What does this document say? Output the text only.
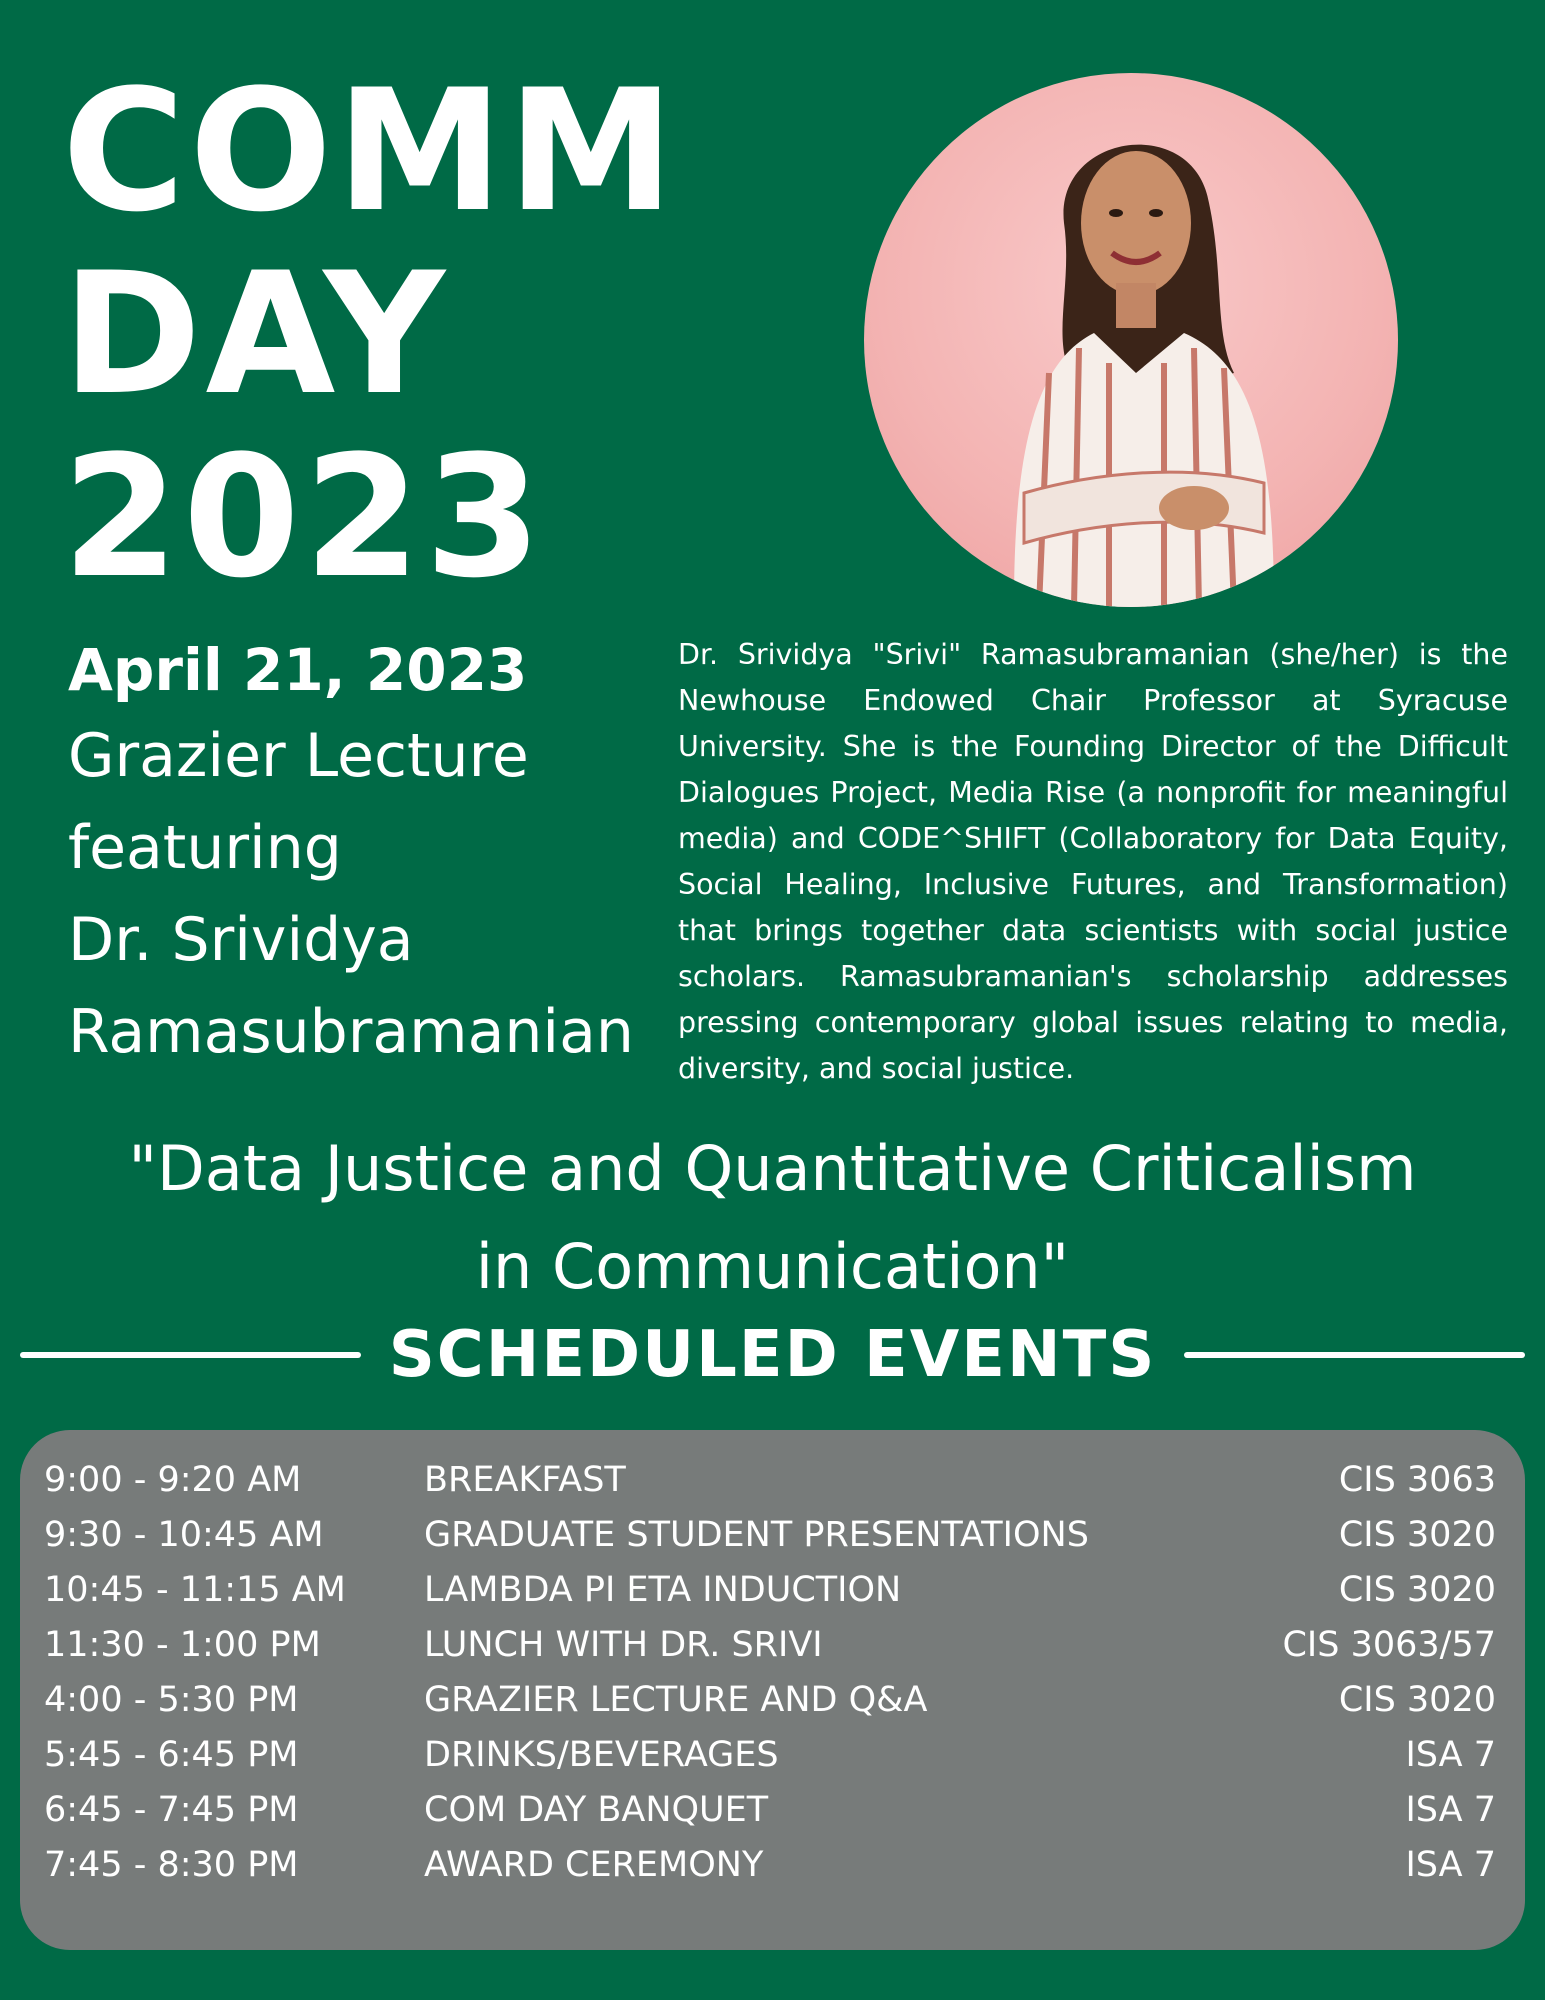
COMM
DAY
2023

April 21, 2023

Grazier Lecture

featuring

Dr. Srividya

Ramasubramanian

Dr. Srividya "Srivi" Ramasubramanian (she/her) is the Newhouse Endowed Chair Professor at Syracuse University. She is the Founding Director of the Difficult Dialogues Project, Media Rise (a nonprofit for meaningful media) and CODE^SHIFT (Collaboratory for Data Equity, Social Healing, Inclusive Futures, and Transformation) that brings together data scientists with social justice scholars. Ramasubramanian's scholarship addresses pressing contemporary global issues relating to media, diversity, and social justice.

"Data Justice and Quantitative Criticalism
in Communication"
SCHEDULED EVENTS
9:00 - 9:20 AM	BREAKFAST	CIS 3063
9:30 - 10:45 AM	GRADUATE STUDENT PRESENTATIONS	CIS 3020
10:45 - 11:15 AM	LAMBDA PI ETA INDUCTION	CIS 3020
11:30 - 1:00 PM	LUNCH WITH DR. SRIVI	CIS 3063/57
4:00 - 5:30 PM	GRAZIER LECTURE AND Q&A	CIS 3020
5:45 - 6:45 PM	DRINKS/BEVERAGES	ISA 7
6:45 - 7:45 PM	COM DAY BANQUET	ISA 7
7:45 - 8:30 PM	AWARD CEREMONY	ISA 7
